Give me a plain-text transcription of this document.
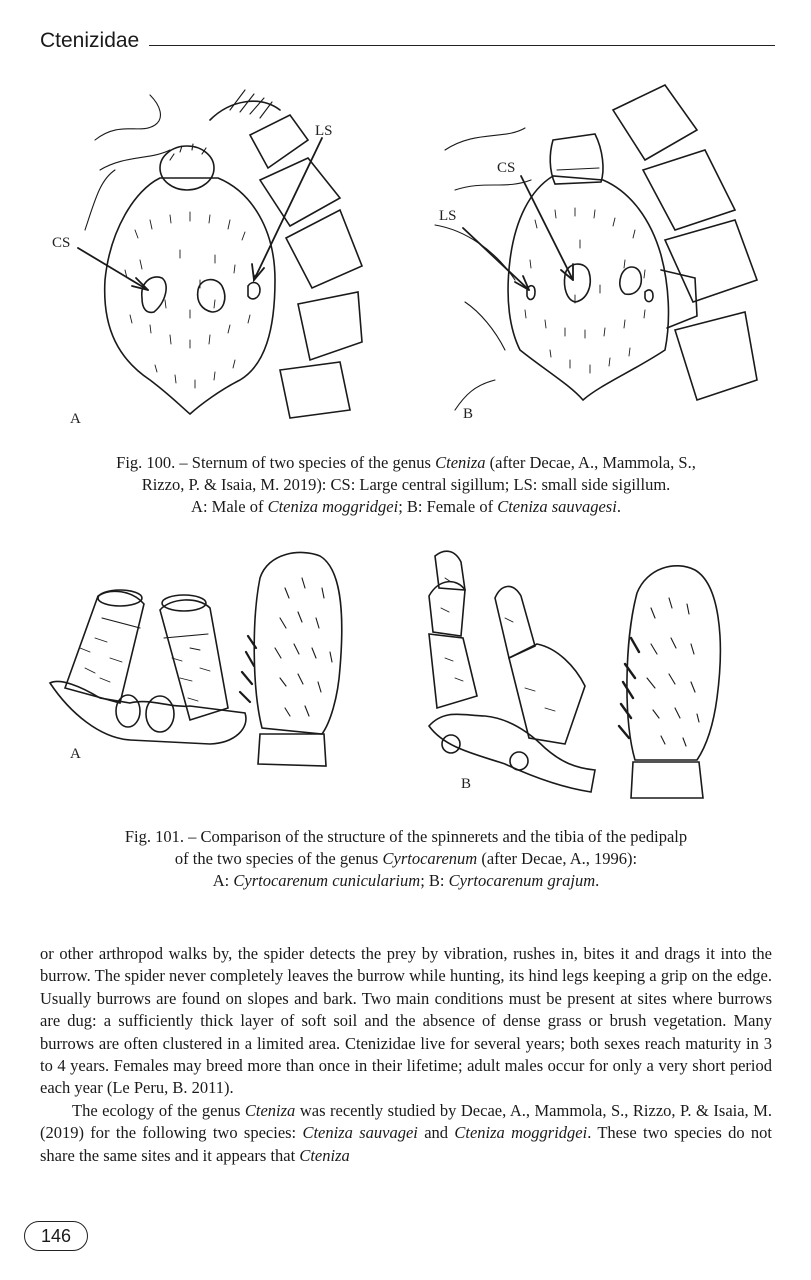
Ctenizidae
CS
LS
A
CS
LS
B
Fig. 100. – Sternum of two species of the genus Cteniza (after Decae, A., Mammola, S.,
Rizzo, P. & Isaia, M. 2019): CS: Large central sigillum; LS: small side sigillum.
A: Male of Cteniza moggridgei; B: Female of Cteniza sauvagesi.
A
B
Fig. 101. – Comparison of the structure of the spinnerets and the tibia of the pedipalp
of the two species of the genus Cyrtocarenum (after Decae, A., 1996):
A: Cyrtocarenum cunicularium; B: Cyrtocarenum grajum.

or other arthropod walks by, the spider detects the prey by vibration, rushes in, bites it and drags it into the burrow. The spider never completely leaves the burrow while hunting, its hind legs keeping a grip on the edge. Usually burrows are found on slopes and bark. Two main conditions must be present at sites where burrows are dug: a sufficiently thick layer of soft soil and the absence of dense grass or brush vegetation. Many burrows are often clustered in a limited area. Ctenizidae live for several years; both sexes reach maturity in 3 to 4 years. Females may breed more than once in their lifetime; adult males occur for only a very short period each year (Le Peru, B. 2011).

The ecology of the genus Cteniza was recently studied by Decae, A., Mammola, S., Rizzo, P. & Isaia, M. (2019) for the following two species: Cteniza sauvagei and Cteniza moggridgei. These two species do not share the same sites and it appears that Cteniza

146
